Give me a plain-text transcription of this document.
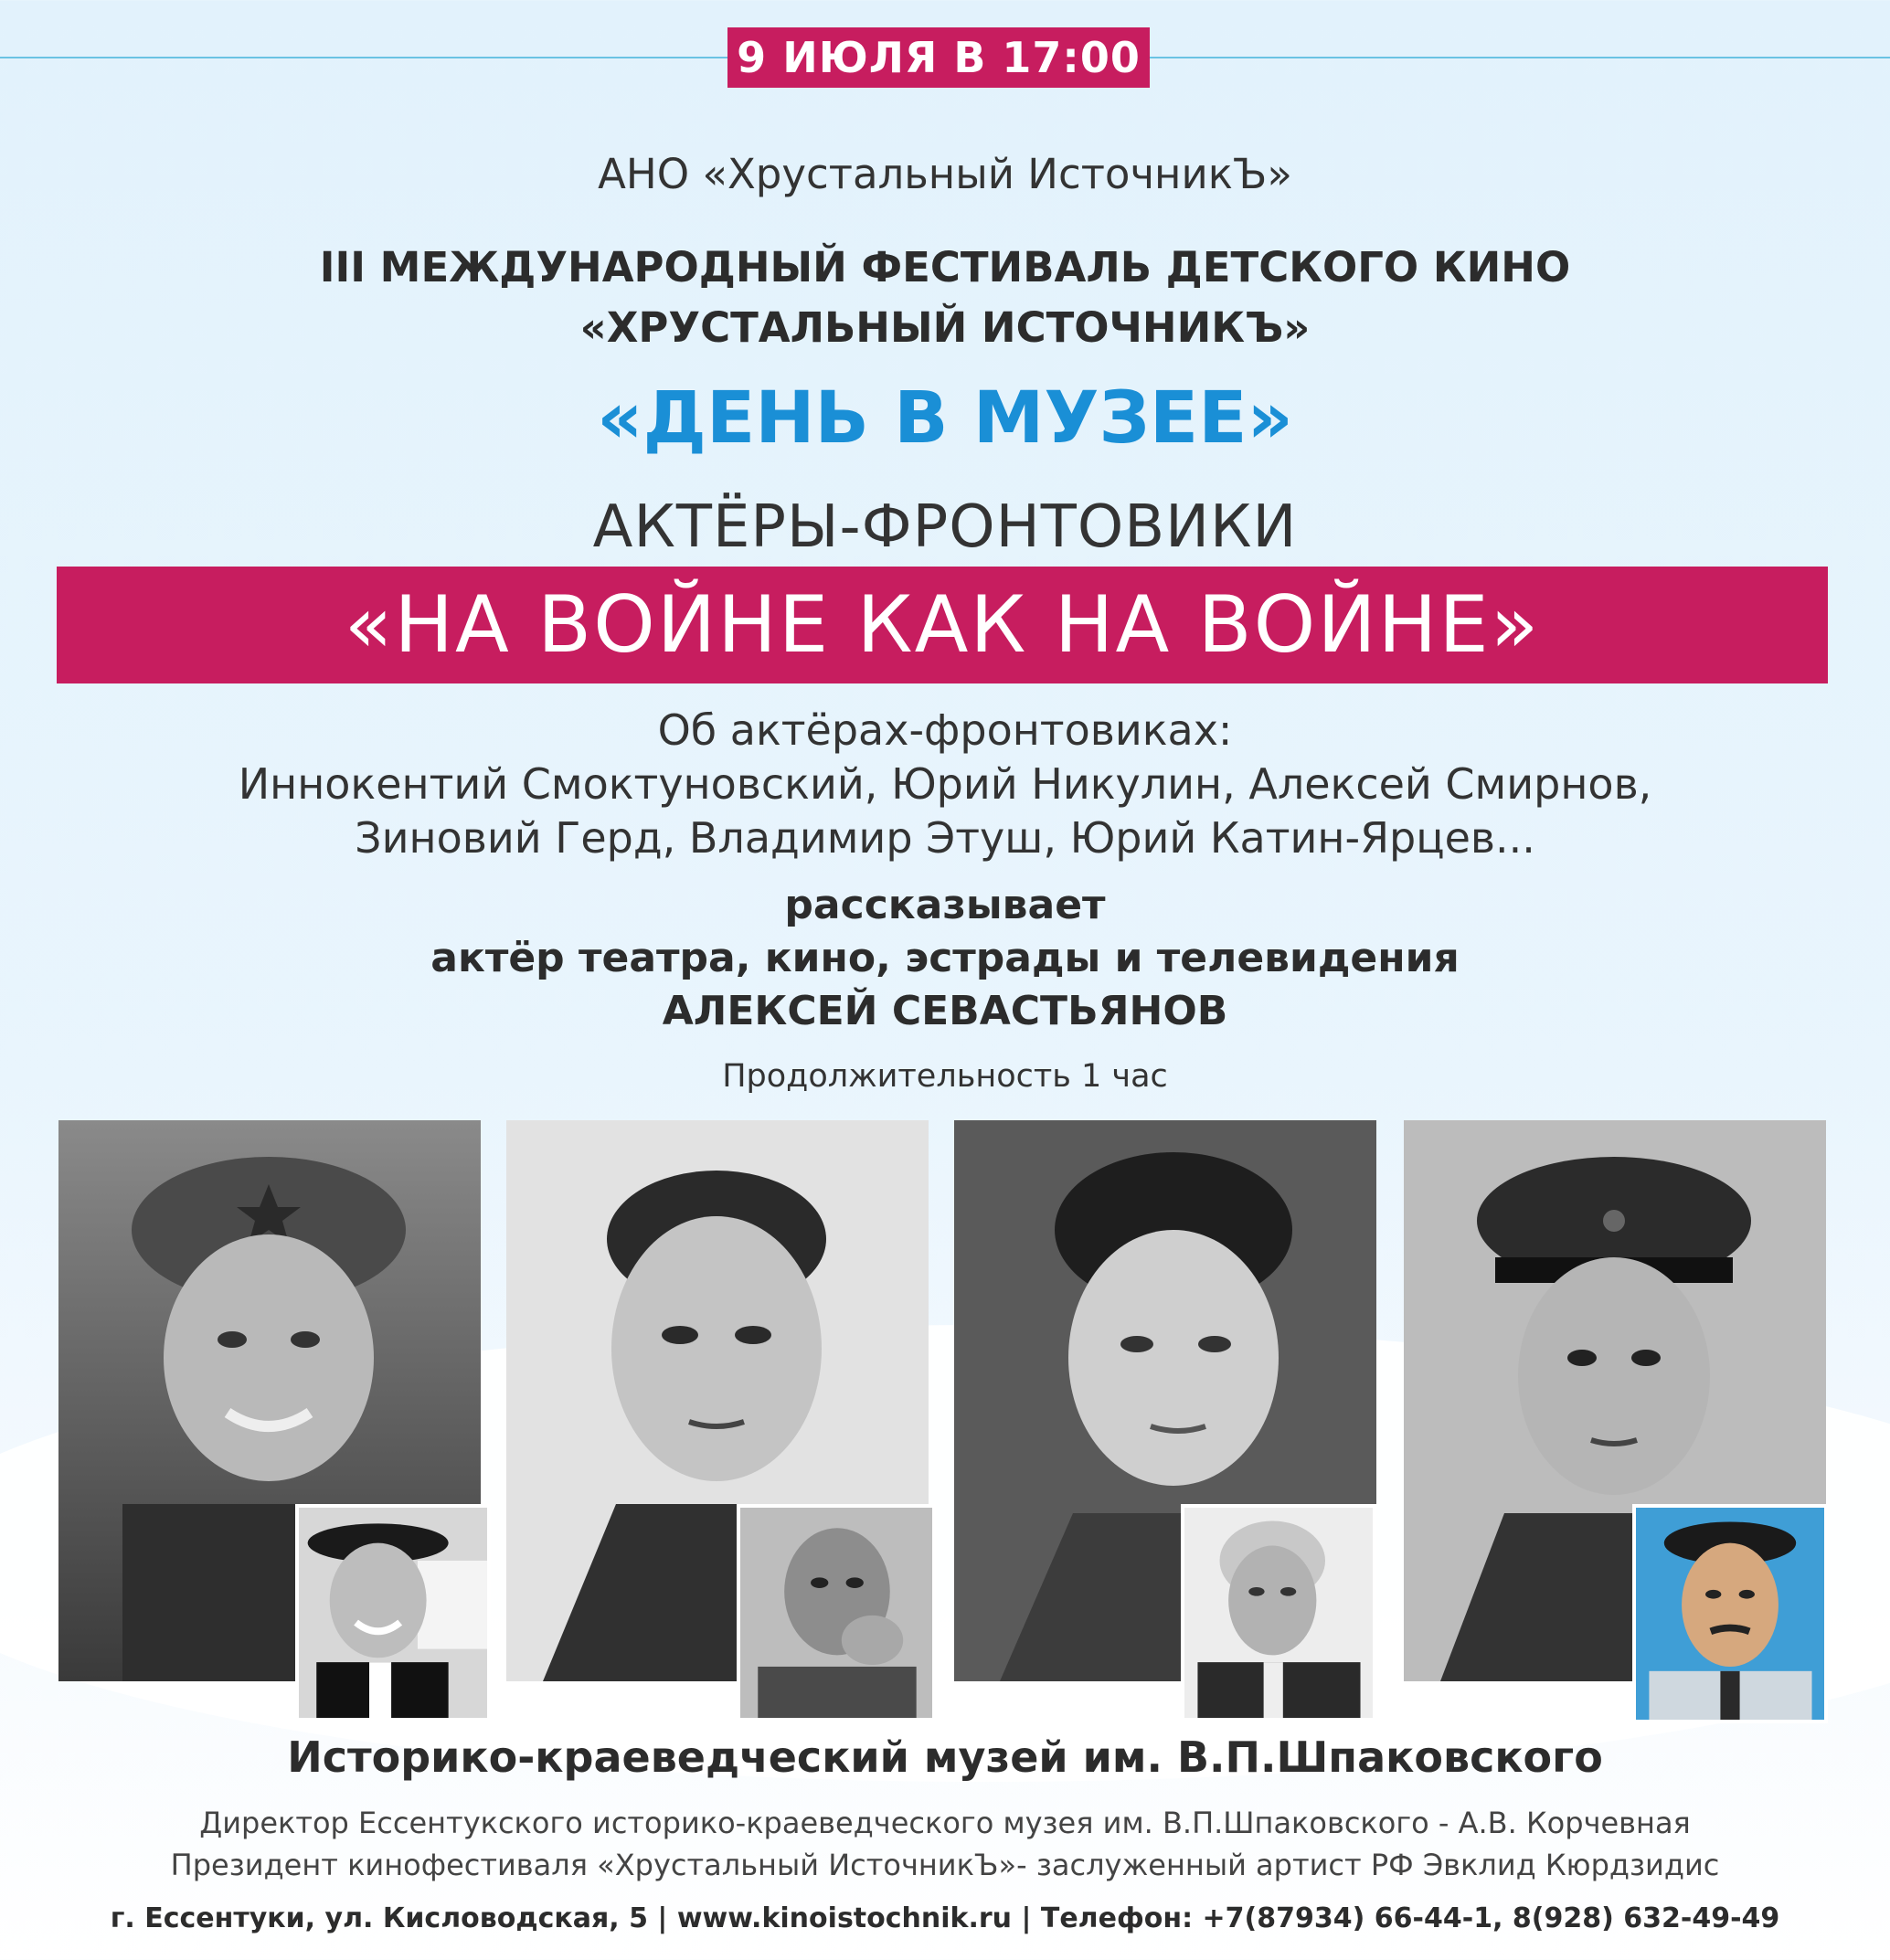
9 ИЮЛЯ В 17:00
АНО «Хрустальный ИсточникЪ»
III МЕЖДУНАРОДНЫЙ ФЕСТИВАЛЬ ДЕТСКОГО КИНО
«ХРУСТАЛЬНЫЙ ИСТОЧНИКЪ»
«ДЕНЬ В МУЗЕЕ»
АКТЁРЫ-ФРОНТОВИКИ
«НА ВОЙНЕ КАК НА ВОЙНЕ»
Об актёрах-фронтовиках:
Иннокентий Смоктуновский, Юрий Никулин, Алексей Смирнов,
Зиновий Герд, Владимир Этуш, Юрий Катин-Ярцев...
рассказывает
актёр театра, кино, эстрады и телевидения
АЛЕКСЕЙ СЕВАСТЬЯНОВ
Продолжительность 1 час
Историко-краеведческий музей им. В.П.Шпаковского
Директор Ессентукского историко-краеведческого музея им. В.П.Шпаковского - А.В. Корчевная
Президент кинофестиваля «Хрустальный ИсточникЪ»- заслуженный артист РФ Эвклид Кюрдзидис
г. Ессентуки, ул. Кисловодская, 5 | www.kinoistochnik.ru | Телефон: +7(87934) 66-44-1, 8(928) 632-49-49
